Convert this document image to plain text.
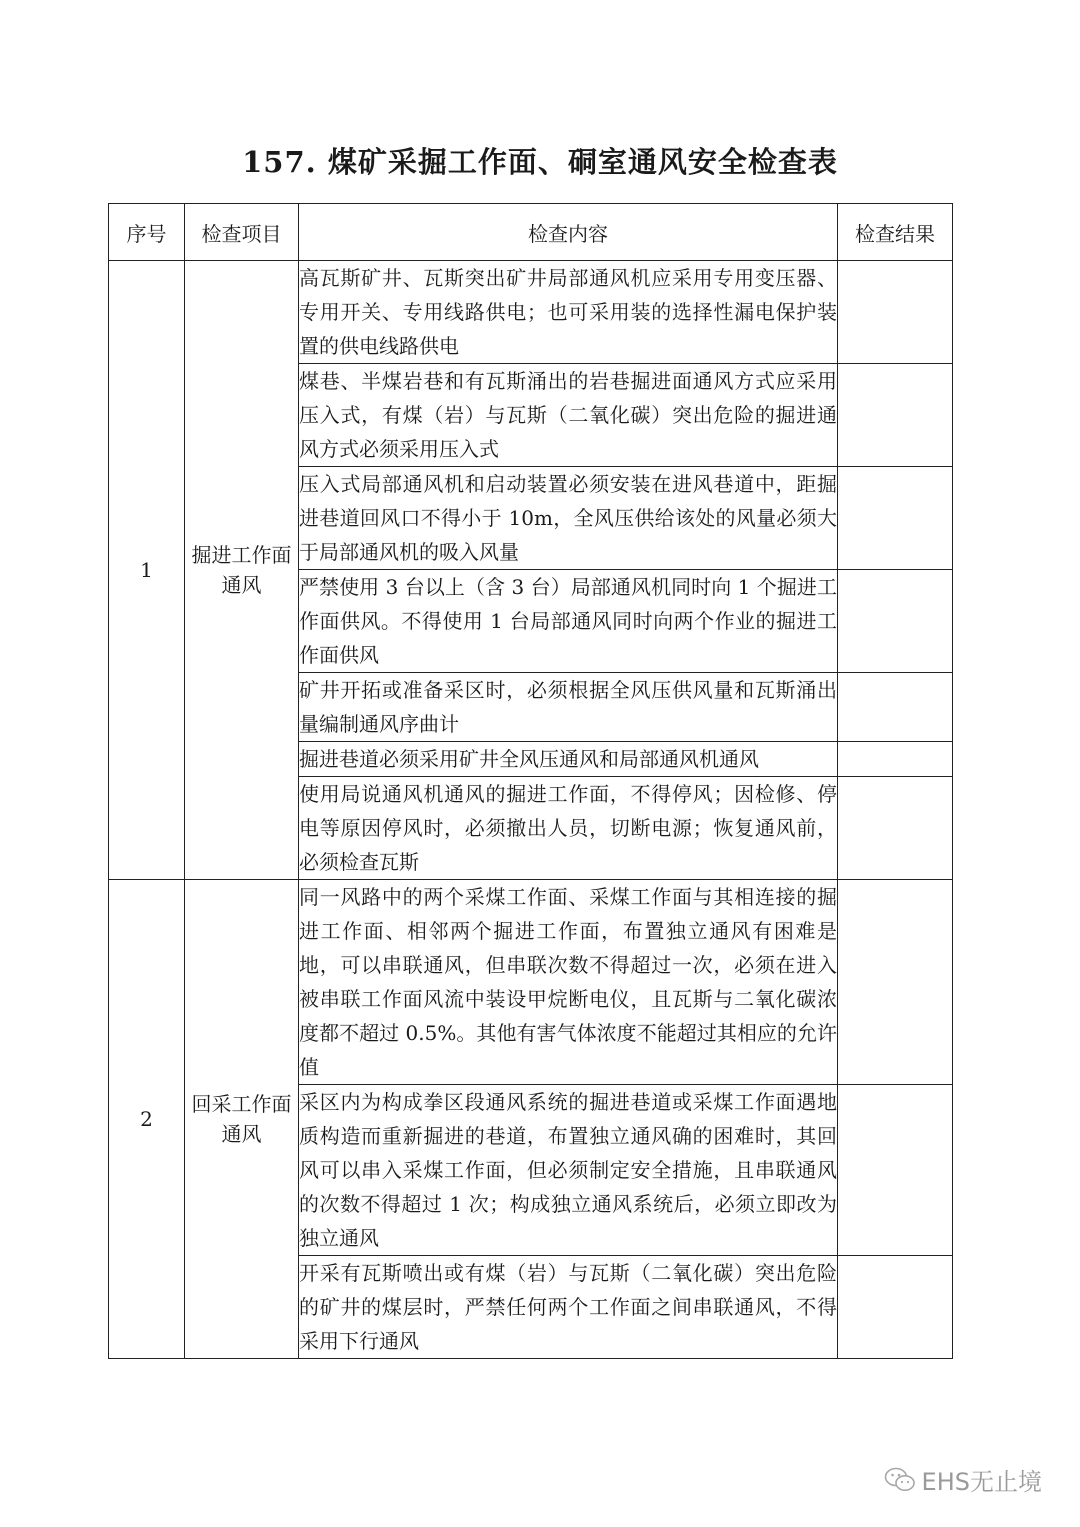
157. 煤矿采掘工作面、硐室通风安全检查表
序号	检查项目	检查内容	检查结果
1	掘进工作面通风	高瓦斯矿井、瓦斯突出矿井局部通风机应采用专用变压器、专用开关、专用线路供电；也可采用装的选择性漏电保护装置的供电线路供电	
		煤巷、半煤岩巷和有瓦斯涌出的岩巷掘进面通风方式应采用压入式，有煤（岩）与瓦斯（二氧化碳）突出危险的掘进通风方式必须采用压入式	
		压入式局部通风机和启动装置必须安装在进风巷道中，距掘进巷道回风口不得小于 10m，全风压供给该处的风量必须大于局部通风机的吸入风量	
		严禁使用 3 台以上（含 3 台）局部通风机同时向 1 个掘进工作面供风。不得使用 1 台局部通风同时向两个作业的掘进工作面供风	
		矿井开拓或准备采区时，必须根据全风压供风量和瓦斯涌出量编制通风序曲计	
		掘进巷道必须采用矿井全风压通风和局部通风机通风	
		使用局说通风机通风的掘进工作面，不得停风；因检修、停电等原因停风时，必须撤出人员，切断电源；恢复通风前，必须检查瓦斯	
2	回采工作面通风	同一风路中的两个采煤工作面、采煤工作面与其相连接的掘进工作面、相邻两个掘进工作面，布置独立通风有困难是地，可以串联通风，但串联次数不得超过一次，必须在进入被串联工作面风流中装设甲烷断电仪，且瓦斯与二氧化碳浓度都不超过 0.5%。其他有害气体浓度不能超过其相应的允许值	
		采区内为构成拳区段通风系统的掘进巷道或采煤工作面遇地质构造而重新掘进的巷道，布置独立通风确的困难时，其回风可以串入采煤工作面，但必须制定安全措施，且串联通风的次数不得超过 1 次；构成独立通风系统后，必须立即改为独立通风	
		开采有瓦斯喷出或有煤（岩）与瓦斯（二氧化碳）突出危险的矿井的煤层时，严禁任何两个工作面之间串联通风，不得采用下行通风	
EHS无止境
